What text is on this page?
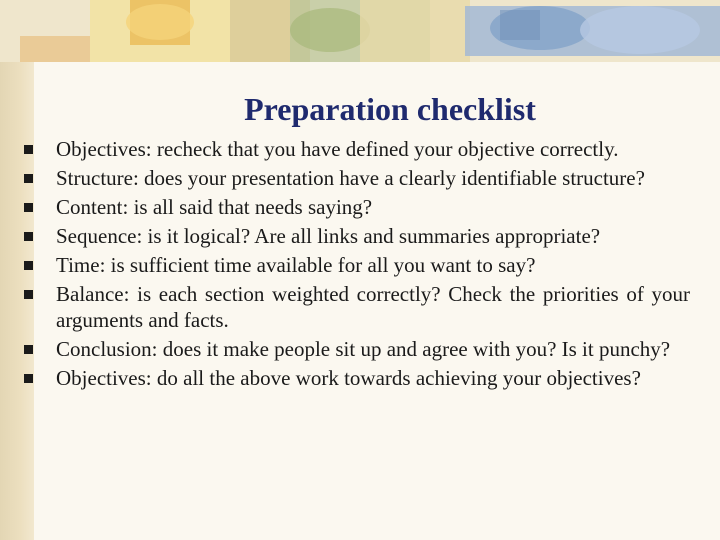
Preparation checklist
Objectives: recheck that you have defined your objective correctly.
Structure: does your presentation have a clearly identifiable structure?
Content: is all said that needs saying?
Sequence: is it logical? Are all links and summaries appropriate?
Time: is sufficient time available for all you want to say?
Balance: is each section weighted correctly? Check the priorities of your arguments and facts.
Conclusion: does it make people sit up and agree with you? Is it punchy?
Objectives: do all the above work towards achieving your objectives?
